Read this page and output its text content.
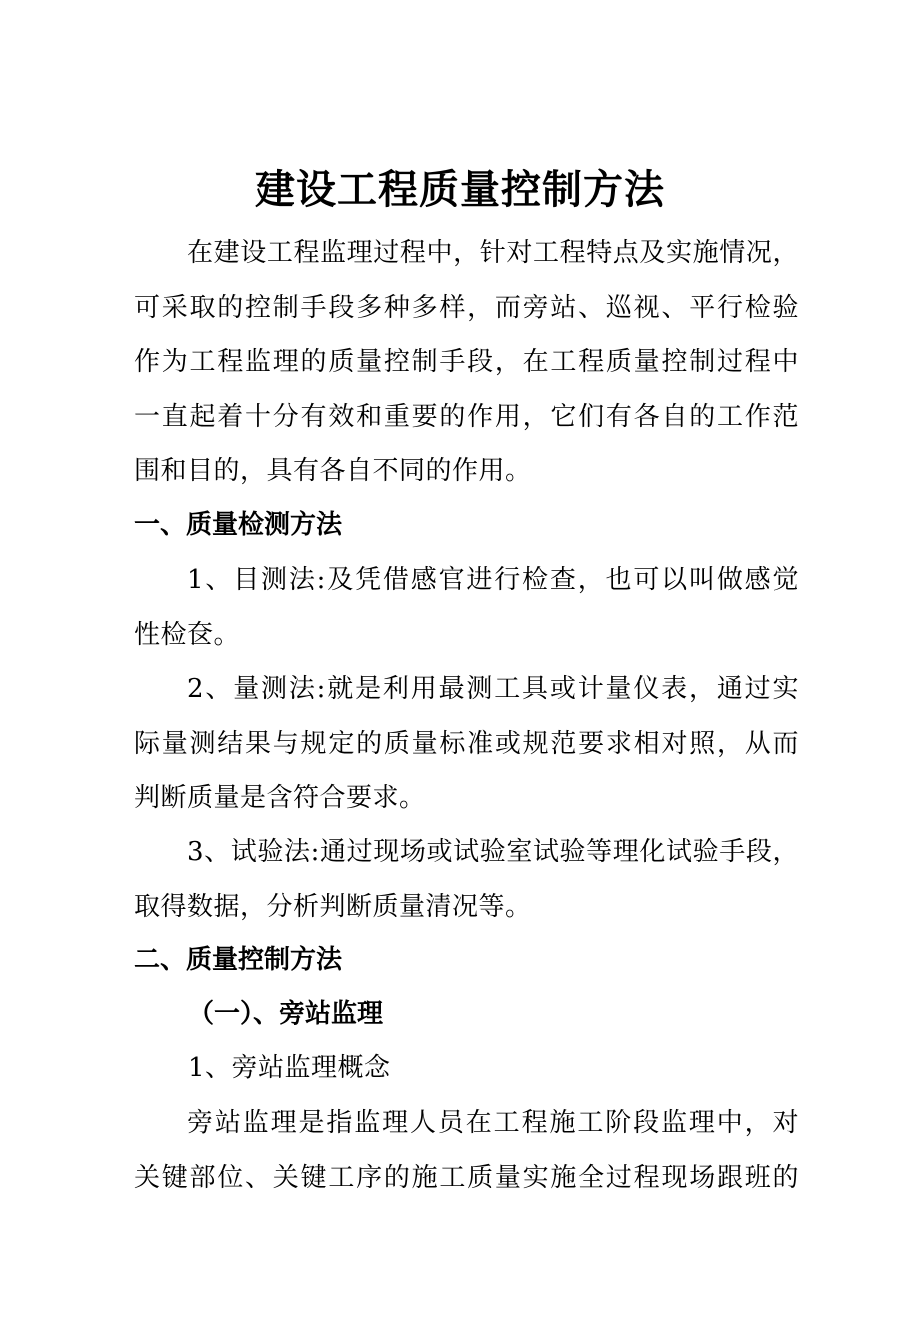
建设工程质量控制方法
在建设工程监理过程中，针对工程特点及实施情况，
可采取的控制手段多种多样，而旁站、巡视、平行检验
作为工程监理的质量控制手段，在工程质量控制过程中
一直起着十分有效和重要的作用，它们有各自的工作范
围和目的，具有各自不同的作用。
一、质量检测方法
1、目测法:及凭借感官进行检查，也可以叫做感觉
性检奁。
2、量测法:就是利用最测工具或计量仪表，通过实
际量测结果与规定的质量标准或规范要求相对照，从而
判断质量是含符合要求。
3、试验法:通过现场或试验室试验等理化试验手段，
取得数据，分析判断质量清况等。
二、质量控制方法
（一）、旁站监理
1、旁站监理概念
旁站监理是指监理人员在工程施工阶段监理中，对
关键部位、关键工序的施工质量实施全过程现场跟班的
